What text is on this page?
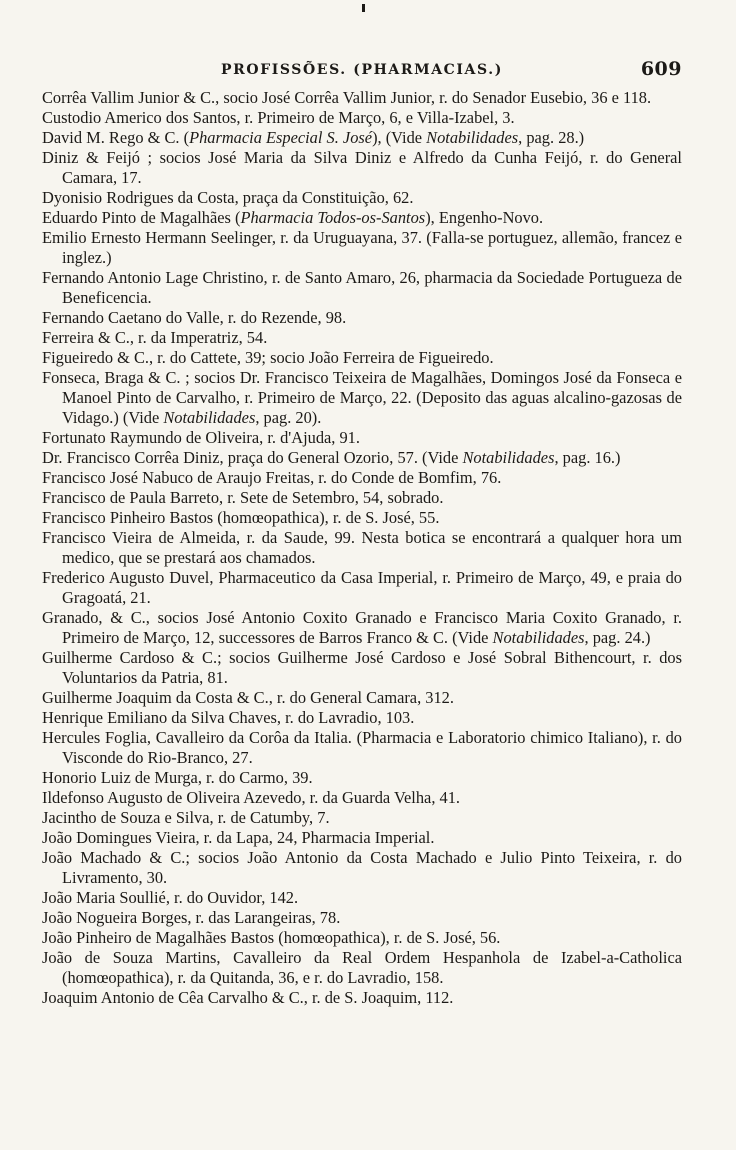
PROFISSÕES. (PHARMACIAS.)	609
Corrêa Vallim Junior & C., socio José Corrêa Vallim Junior, r. do Senador Eusebio, 36 e 118.
Custodio Americo dos Santos, r. Primeiro de Março, 6, e Villa-Izabel, 3.
David M. Rego & C. (Pharmacia Especial S. José), (Vide Notabilidades, pag. 28.)
Diniz & Feijó ; socios José Maria da Silva Diniz e Alfredo da Cunha Feijó, r. do General Camara, 17.
Dyonisio Rodrigues da Costa, praça da Constituição, 62.
Eduardo Pinto de Magalhães (Pharmacia Todos-os-Santos), Engenho-Novo.
Emilio Ernesto Hermann Seelinger, r. da Uruguayana, 37. (Falla-se portuguez, allemão, francez e inglez.)
Fernando Antonio Lage Christino, r. de Santo Amaro, 26, pharmacia da Sociedade Portugueza de Beneficencia.
Fernando Caetano do Valle, r. do Rezende, 98.
Ferreira & C., r. da Imperatriz, 54.
Figueiredo & C., r. do Cattete, 39; socio João Ferreira de Figueiredo.
Fonseca, Braga & C. ; socios Dr. Francisco Teixeira de Magalhães, Domingos José da Fonseca e Manoel Pinto de Carvalho, r. Primeiro de Março, 22. (Deposito das aguas alcalino-gazosas de Vidago.) (Vide Notabilidades, pag. 20).
Fortunato Raymundo de Oliveira, r. d'Ajuda, 91.
Dr. Francisco Corrêa Diniz, praça do General Ozorio, 57. (Vide Notabilidades, pag. 16.)
Francisco José Nabuco de Araujo Freitas, r. do Conde de Bomfim, 76.
Francisco de Paula Barreto, r. Sete de Setembro, 54, sobrado.
Francisco Pinheiro Bastos (homœopathica), r. de S. José, 55.
Francisco Vieira de Almeida, r. da Saude, 99. Nesta botica se encontrará a qualquer hora um medico, que se prestará aos chamados.
Frederico Augusto Duvel, Pharmaceutico da Casa Imperial, r. Primeiro de Março, 49, e praia do Gragoatá, 21.
Granado, & C., socios José Antonio Coxito Granado e Francisco Maria Coxito Granado, r. Primeiro de Março, 12, successores de Barros Franco & C. (Vide Notabilidades, pag. 24.)
Guilherme Cardoso & C.; socios Guilherme José Cardoso e José Sobral Bithencourt, r. dos Voluntarios da Patria, 81.
Guilherme Joaquim da Costa & C., r. do General Camara, 312.
Henrique Emiliano da Silva Chaves, r. do Lavradio, 103.
Hercules Foglia, Cavalleiro da Corôa da Italia. (Pharmacia e Laboratorio chimico Italiano), r. do Visconde do Rio-Branco, 27.
Honorio Luiz de Murga, r. do Carmo, 39.
Ildefonso Augusto de Oliveira Azevedo, r. da Guarda Velha, 41.
Jacintho de Souza e Silva, r. de Catumby, 7.
João Domingues Vieira, r. da Lapa, 24, Pharmacia Imperial.
João Machado & C.; socios João Antonio da Costa Machado e Julio Pinto Teixeira, r. do Livramento, 30.
João Maria Soullié, r. do Ouvidor, 142.
João Nogueira Borges, r. das Larangeiras, 78.
João Pinheiro de Magalhães Bastos (homœopathica), r. de S. José, 56.
João de Souza Martins, Cavalleiro da Real Ordem Hespanhola de Izabel-a-Catholica (homœopathica), r. da Quitanda, 36, e r. do Lavradio, 158.
Joaquim Antonio de Cêa Carvalho & C., r. de S. Joaquim, 112.
